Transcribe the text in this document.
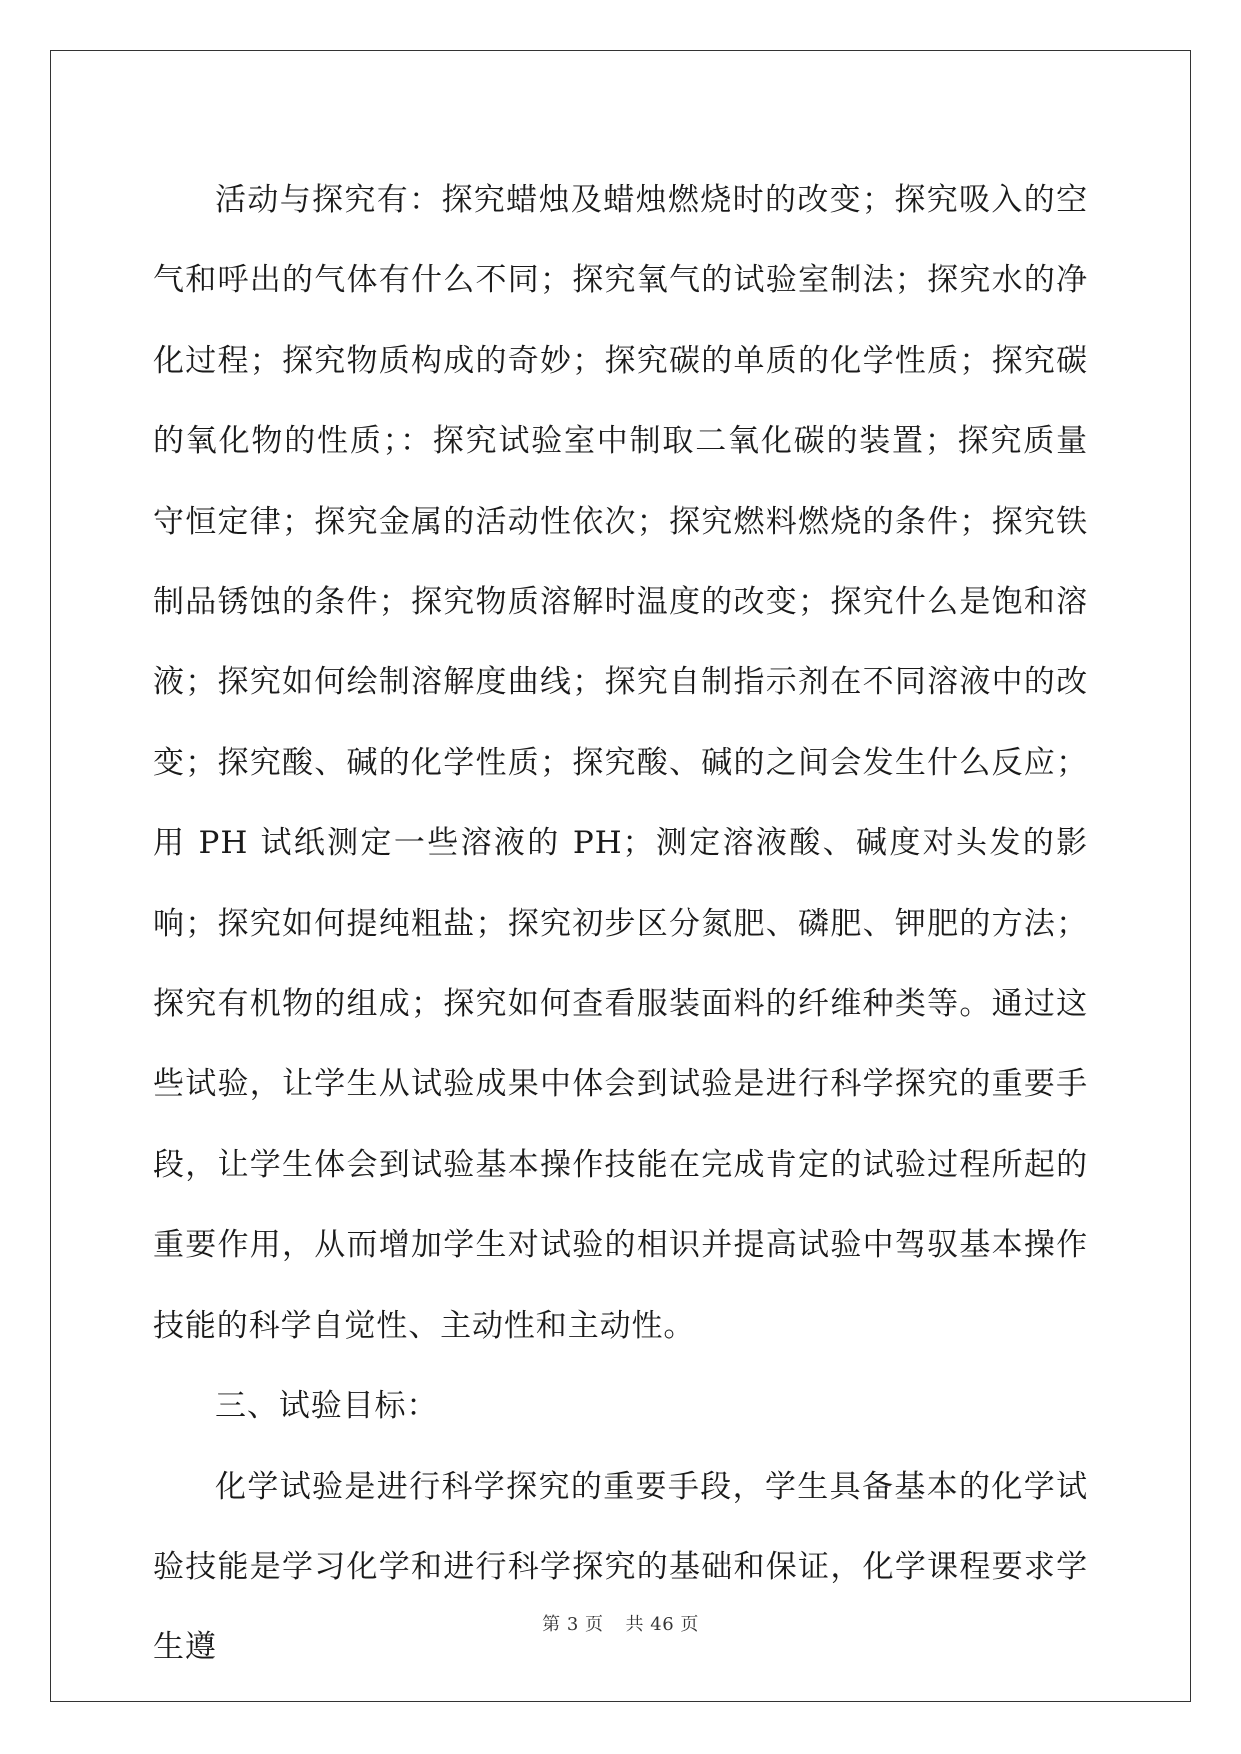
活动与探究有：探究蜡烛及蜡烛燃烧时的改变；探究吸入的空气和呼出的气体有什么不同；探究氧气的试验室制法；探究水的净化过程；探究物质构成的奇妙；探究碳的单质的化学性质；探究碳的氧化物的性质；：探究试验室中制取二氧化碳的装置；探究质量守恒定律；探究金属的活动性依次；探究燃料燃烧的条件；探究铁制品锈蚀的条件；探究物质溶解时温度的改变；探究什么是饱和溶液；探究如何绘制溶解度曲线；探究自制指示剂在不同溶液中的改变；探究酸、碱的化学性质；探究酸、碱的之间会发生什么反应；用 PH 试纸测定一些溶液的 PH；测定溶液酸、碱度对头发的影响；探究如何提纯粗盐；探究初步区分氮肥、磷肥、钾肥的方法；探究有机物的组成；探究如何查看服装面料的纤维种类等。通过这些试验，让学生从试验成果中体会到试验是进行科学探究的重要手段，让学生体会到试验基本操作技能在完成肯定的试验过程所起的重要作用，从而增加学生对试验的相识并提高试验中驾驭基本操作技能的科学自觉性、主动性和主动性。

三、试验目标：

化学试验是进行科学探究的重要手段，学生具备基本的化学试验技能是学习化学和进行科学探究的基础和保证，化学课程要求学生遵

第 3 页 共 46 页
